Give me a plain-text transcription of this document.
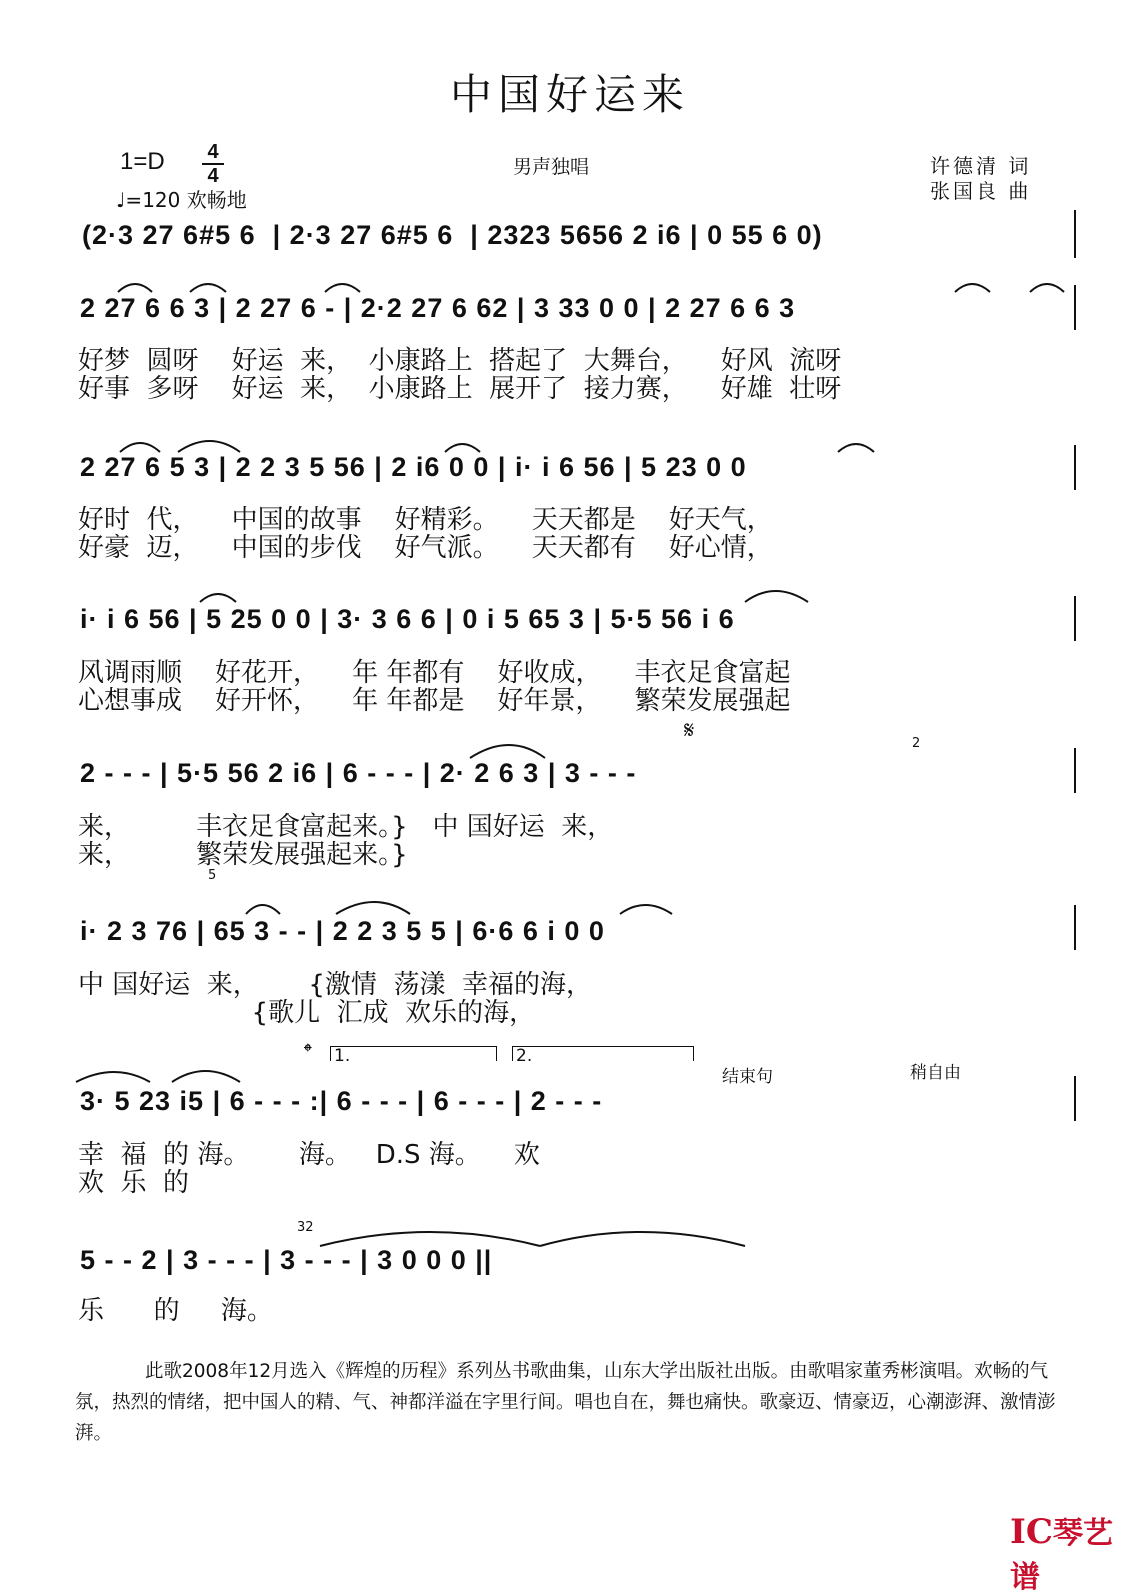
中国好运来
1=D 4
4
♩=120 欢畅地
男声独唱	许德清 词
张国良 曲
(2·3 27 6#5 6  | 2·3 27 6#5 6  | 2323 5656 2 i6 | 0 55 6 0)
2 27 6 6 3 | 2 27 6 - | 2·2 27 6 62 | 3 33 0 0 | 2 27 6 6 3
好梦  圆呀    好运  来，  小康路上  搭起了  大舞台，    好风  流呀
好事  多呀    好运  来，  小康路上  展开了  接力赛，    好雄  壮呀
2 27 6 5 3 | 2 2 3 5 56 | 2 i6 0 0 | i· i 6 56 | 5 23 0 0
好时  代，    中国的故事    好精彩。    天天都是    好天气，
好豪  迈，    中国的步伐    好气派。    天天都有    好心情，
i· i 6 56 | 5 25 0 0 | 3· 3 6 6 | 0 i 5 65 3 | 5·5 56 i 6
风调雨顺    好花开，    年 年都有    好收成，    丰衣足食富起
心想事成    好开怀，    年 年都是    好年景，    繁荣发展强起
𝄋	2
2 - - - | 5·5 56 2 i6 | 6 - - - | 2· 2 6 3 | 3 - - -
来，        丰衣足食富起来。}   中 国好运  来，
来，        繁荣发展强起来。}
5
i· 2 3 76 | 65 3 - - | 2 2 3 5 5 | 6·6 6 i 0 0
中 国好运  来，      {激情  荡漾  幸福的海，
{歌儿  汇成  欢乐的海，
𝄌 1.	2.
结束句	稍自由
3· 5 23 i5 | 6 - - - :| 6 - - - | 6 - - - | 2 - - -
幸  福  的 海。      海。   D.S 海。    欢
欢  乐  的
32
5 - - 2 | 3 - - - | 3 - - - | 3 0 0 0 ||
乐      的     海。
此歌2008年12月选入《辉煌的历程》系列丛书歌曲集，山东大学出版社出版。由歌唱家董秀彬演唱。欢畅的气氛，热烈的情绪，把中国人的精、气、神都洋溢在字里行间。唱也自在，舞也痛快。歌豪迈、情豪迈，心潮澎湃、激情澎湃。
IC琴艺谱
